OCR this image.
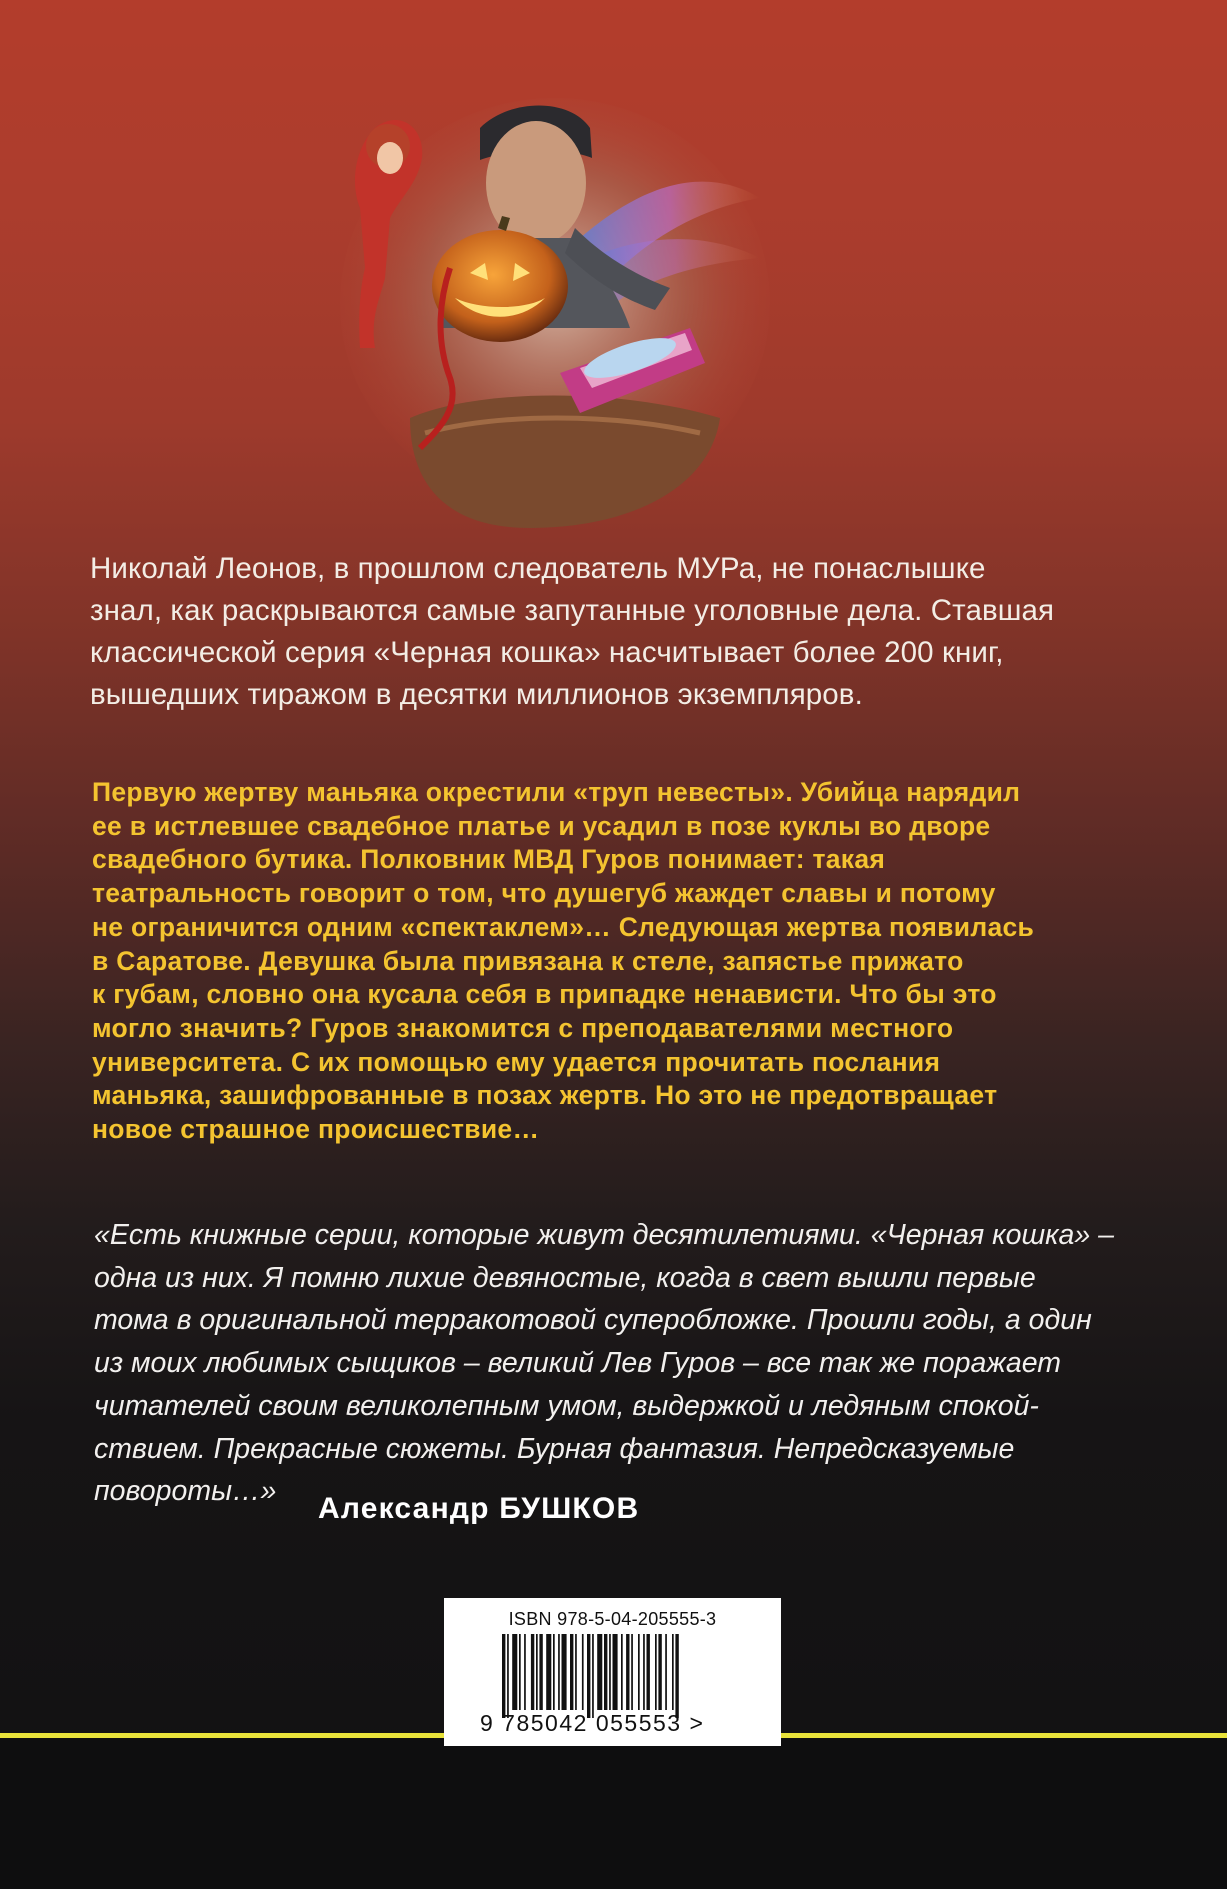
Николай Леонов, в прошлом следователь МУРа, не понаслышке
знал, как раскрываются самые запутанные уголовные дела. Ставшая
классической серия «Черная кошка» насчитывает более 200 книг,
вышедших тиражом в десятки миллионов экземпляров.

Первую жертву маньяка окрестили «труп невесты». Убийца нарядил
ее в истлевшее свадебное платье и усадил в позе куклы во дворе
свадебного бутика. Полковник МВД Гуров понимает: такая
театральность говорит о том, что душегуб жаждет славы и потому
не ограничится одним «спектаклем»… Следующая жертва появилась
в Саратове. Девушка была привязана к стеле, запястье прижато
к губам, словно она кусала себя в припадке ненависти. Что бы это
могло значить? Гуров знакомится с преподавателями местного
университета. С их помощью ему удается прочитать послания
маньяка, зашифрованные в позах жертв. Но это не предотвращает
новое страшное происшествие…

«Есть книжные серии, которые живут десятилетиями. «Черная кошка» –
одна из них. Я помню лихие девяностые, когда в свет вышли первые
тома в оригинальной терракотовой суперобложке. Прошли годы, а один
из моих любимых сыщиков – великий Лев Гуров – все так же поражает
читателей своим великолепным умом, выдержкой и ледяным спокой-
ствием. Прекрасные сюжеты. Бурная фантазия. Непредсказуемые
повороты…»

Александр БУШКОВ
ISBN 978-5-04-205555-3
9 785042 055553 >
